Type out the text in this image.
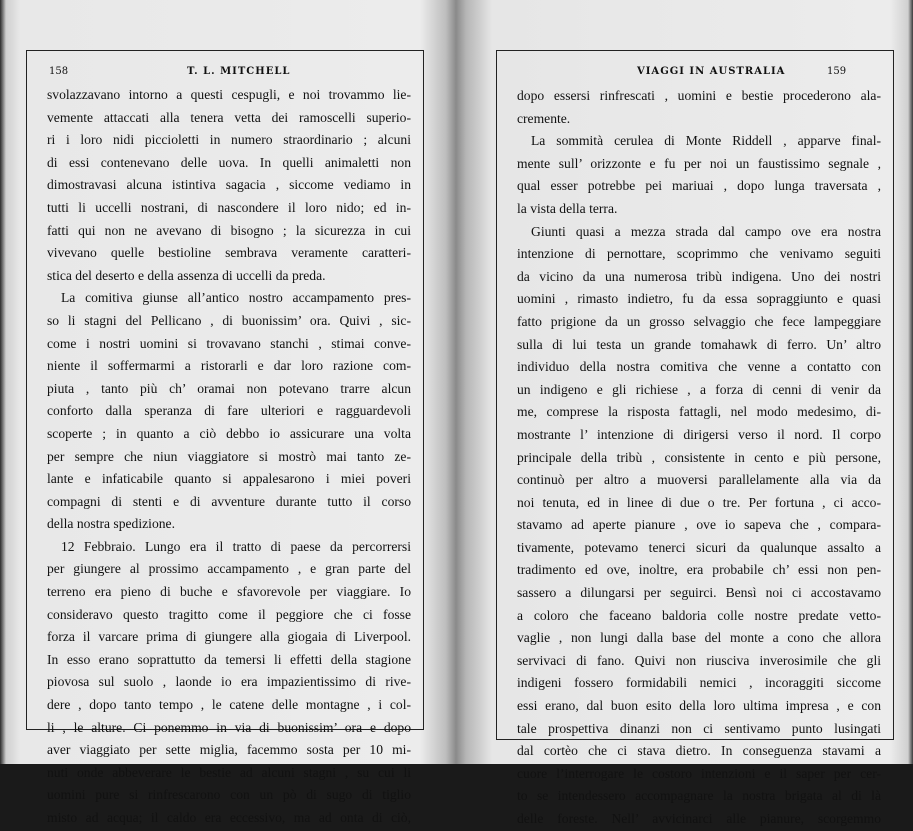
158	T. L. MITCHELL
svolazzavano intorno a questi cespugli, e noi trovammo lie-
vemente attaccati alla tenera vetta dei ramoscelli superio-
ri i loro nidi piccioletti in numero straordinario ; alcuni
di essi contenevano delle uova. In quelli animaletti non
dimostravasi alcuna istintiva sagacia , siccome vediamo in
tutti li uccelli nostrani, di nascondere il loro nido; ed in-
fatti qui non ne avevano di bisogno ; la sicurezza in cui
vivevano quelle bestioline sembrava veramente caratteri-
stica del deserto e della assenza di uccelli da preda.
La comitiva giunse all’antico nostro accampamento pres-
so li stagni del Pellicano , di buonissim’ ora. Quivi , sic-
come i nostri uomini si trovavano stanchi , stimai conve-
niente il soffermarmi a ristorarli e dar loro razione com-
piuta , tanto più ch’ oramai non potevano trarre alcun
conforto dalla speranza di fare ulteriori e ragguardevoli
scoperte ; in quanto a ciò debbo io assicurare una volta
per sempre che niun viaggiatore si mostrò mai tanto ze-
lante e infaticabile quanto si appalesarono i miei poveri
compagni di stenti e di avventure durante tutto il corso
della nostra spedizione.
12 Febbraio. Lungo era il tratto di paese da percorrersi
per giungere al prossimo accampamento , e gran parte del
terreno era pieno di buche e sfavorevole per viaggiare. Io
consideravo questo tragitto come il peggiore che ci fosse
forza il varcare prima di giungere alla giogaia di Liverpool.
In esso erano soprattutto da temersi li effetti della stagione
piovosa sul suolo , laonde io era impazientissimo di rive-
dere , dopo tanto tempo , le catene delle montagne , i col-
li , le alture. Ci ponemmo in via di buonissim’ ora e dopo
aver viaggiato per sette miglia, facemmo sosta per 10 mi-
nuti onde abbeverare le bestie ad alcuni stagni , su cui li
uomini pure si rinfrescarono con un pò di sugo di tiglio
misto ad acqua; il caldo era eccessivo, ma ad onta di ciò,
VIAGGI IN AUSTRALIA	159
dopo essersi rinfrescati , uomini e bestie procederono ala-
cremente.
La sommità cerulea di Monte Riddell , apparve final-
mente sull’ orizzonte e fu per noi un faustissimo segnale ,
qual esser potrebbe pei mariuai , dopo lunga traversata ,
la vista della terra.
Giunti quasi a mezza strada dal campo ove era nostra
intenzione di pernottare, scoprimmo che venivamo seguiti
da vicino da una numerosa tribù indigena. Uno dei nostri
uomini , rimasto indietro, fu da essa sopraggiunto e quasi
fatto prigione da un grosso selvaggio che fece lampeggiare
sulla di lui testa un grande tomahawk di ferro. Un’ altro
individuo della nostra comitiva che venne a contatto con
un indigeno e gli richiese , a forza di cenni di venir da
me, comprese la risposta fattagli, nel modo medesimo, di-
mostrante l’ intenzione di dirigersi verso il nord. Il corpo
principale della tribù , consistente in cento e più persone,
continuò per altro a muoversi parallelamente alla via da
noi tenuta, ed in linee di due o tre. Per fortuna , ci acco-
stavamo ad aperte pianure , ove io sapeva che , compara-
tivamente, potevamo tenerci sicuri da qualunque assalto a
tradimento ed ove, inoltre, era probabile ch’ essi non pen-
sassero a dilungarsi per seguirci. Bensì noi ci accostavamo
a coloro che faceano baldoria colle nostre predate vetto-
vaglie , non lungi dalla base del monte a cono che allora
servivaci di fano. Quivi non riusciva inverosimile che gli
indigeni fossero formidabili nemici , incoraggiti siccome
essi erano, dal buon esito della loro ultima impresa , e con
tale prospettiva dinanzi non ci sentivamo punto lusingati
dal cortèo che ci stava dietro. In conseguenza stavami a
cuore l’interrogare le costoro intenzioni e il saper per cer-
to se intendessero accompagnare la nostra brigata al di là
delle foreste. Nell’ avvicinarci alle pianure, scorgemmo
